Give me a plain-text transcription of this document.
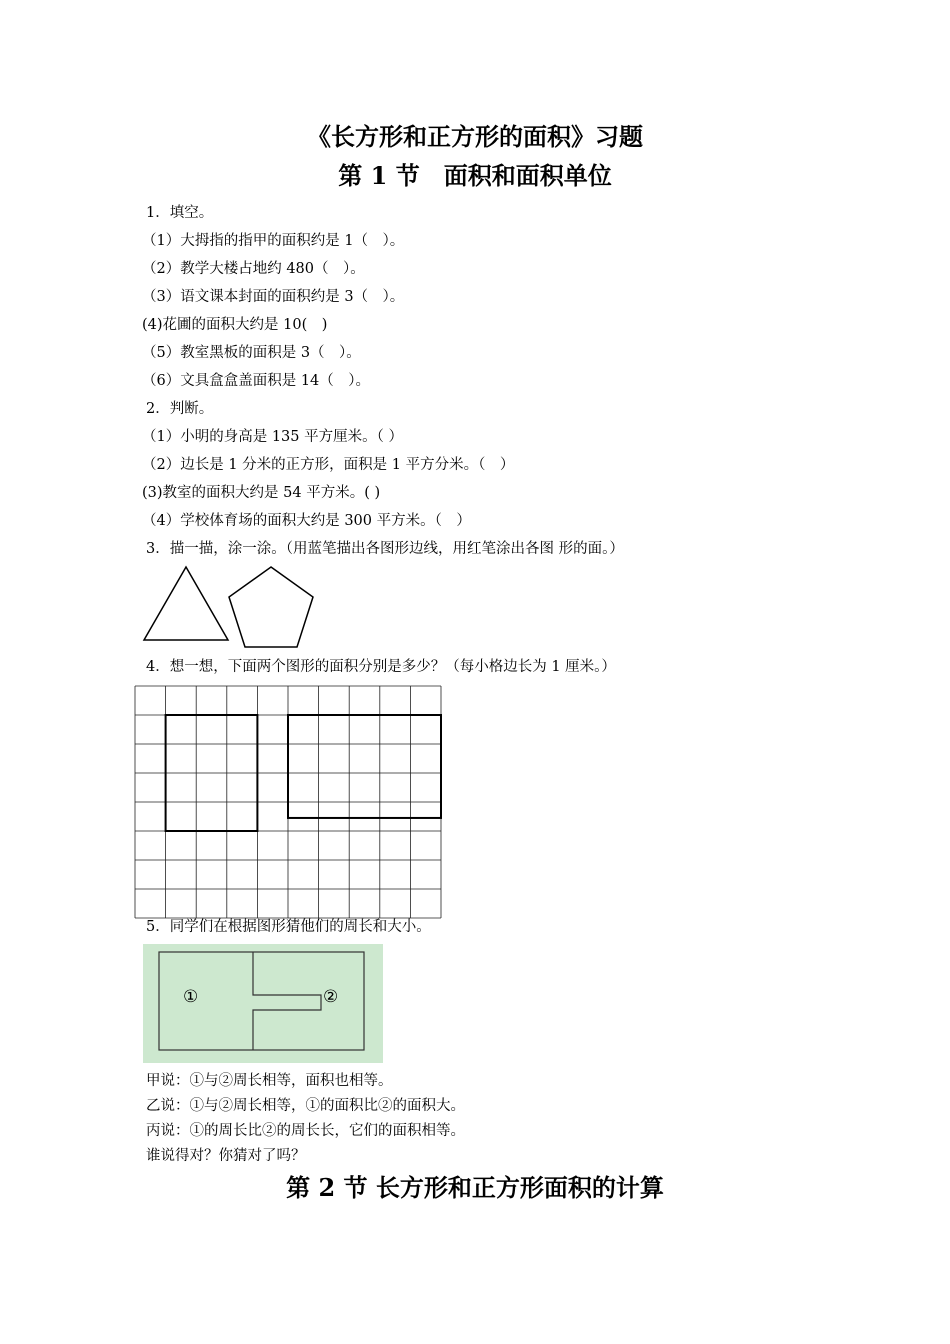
《长方形和正方形的面积》习题
第 1 节　面积和面积单位
1．填空。
（1）大拇指的指甲的面积约是 1（　）。
（2）教学大楼占地约 480（　）。
（3）语文课本封面的面积约是 3（　）。
(4)花圃的面积大约是 10(　)
（5）教室黑板的面积是 3（　）。
（6）文具盒盒盖面积是 14（　）。
2．判断。
（1）小明的身高是 135 平方厘米。（ ）
（2）边长是 1 分米的正方形，面积是 1 平方分米。（　）
(3)教室的面积大约是 54 平方米。( )
（4）学校体育场的面积大约是 300 平方米。（　）
3．描一描，涂一涂。（用蓝笔描出各图形边线，用红笔涂出各图 形的面。）
4．想一想，下面两个图形的面积分别是多少？（每小格边长为 1 厘米。）
5．同学们在根据图形猜他们的周长和大小。
①	②
甲说：①与②周长相等，面积也相等。
乙说：①与②周长相等，①的面积比②的面积大。
丙说：①的周长比②的周长长，它们的面积相等。
谁说得对？你猜对了吗？
第 2 节 长方形和正方形面积的计算
